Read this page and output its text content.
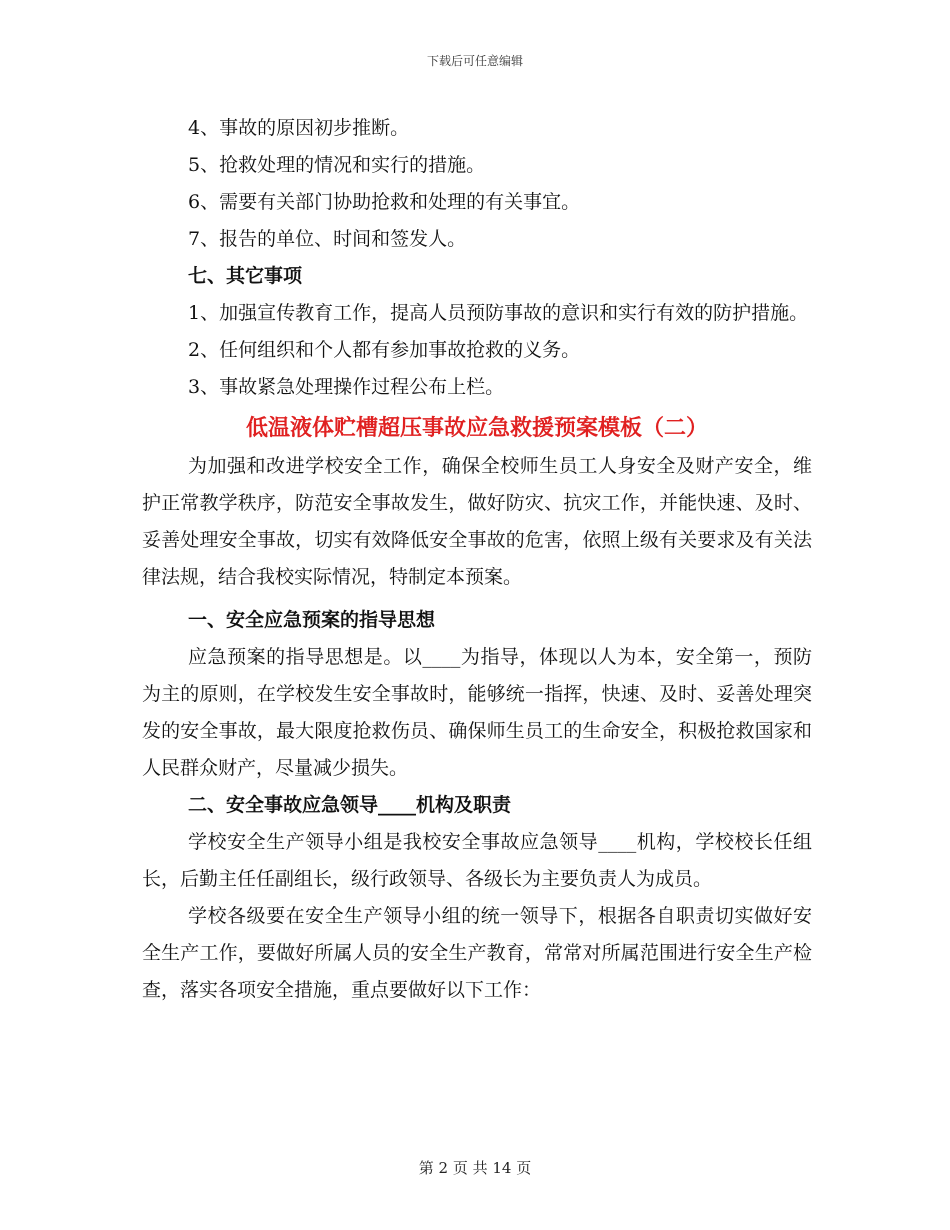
下载后可任意编辑
4、事故的原因初步推断。
5、抢救处理的情况和实行的措施。
6、需要有关部门协助抢救和处理的有关事宜。
7、报告的单位、时间和签发人。
七、其它事项

1、加强宣传教育工作，提高人员预防事故的意识和实行有效的防护措施。

2、任何组织和个人都有参加事故抢救的义务。
3、事故紧急处理操作过程公布上栏。
低温液体贮槽超压事故应急救援预案模板（二）

为加强和改进学校安全工作，确保全校师生员工人身安全及财产安全，维护正常教学秩序，防范安全事故发生，做好防灾、抗灾工作，并能快速、及时、妥善处理安全事故，切实有效降低安全事故的危害，依照上级有关要求及有关法律法规，结合我校实际情况，特制定本预案。

一、安全应急预案的指导思想

应急预案的指导思想是。以____为指导，体现以人为本，安全第一，预防为主的原则，在学校发生安全事故时，能够统一指挥，快速、及时、妥善处理突发的安全事故，最大限度抢救伤员、确保师生员工的生命安全，积极抢救国家和人民群众财产，尽量减少损失。

二、安全事故应急领导____机构及职责

学校安全生产领导小组是我校安全事故应急领导____机构，学校校长任组长，后勤主任任副组长，级行政领导、各级长为主要负责人为成员。

学校各级要在安全生产领导小组的统一领导下，根据各自职责切实做好安全生产工作，要做好所属人员的安全生产教育，常常对所属范围进行安全生产检查，落实各项安全措施，重点要做好以下工作：

第 2 页 共 14 页
